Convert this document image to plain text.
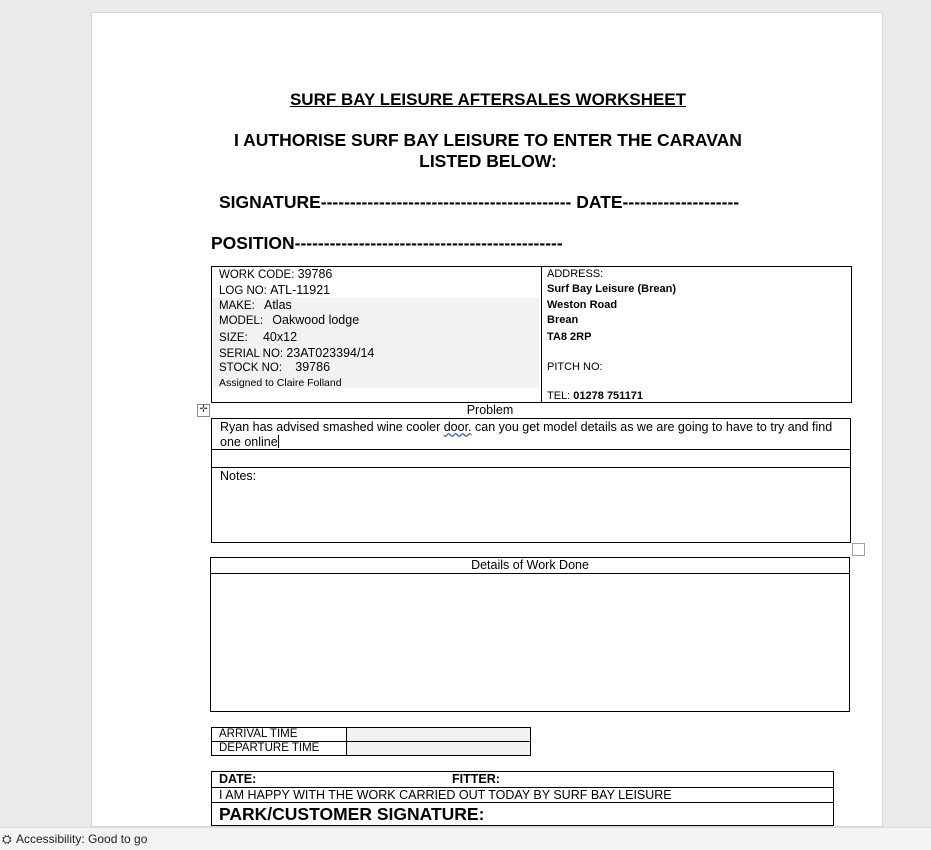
SURF BAY LEISURE AFTERSALES WORKSHEET
I AUTHORISE SURF BAY LEISURE TO ENTER THE CARAVAN
LISTED BELOW:
SIGNATURE------------------------------------------- DATE--------------------
POSITION----------------------------------------------
WORK CODE: 39786
LOG NO: ATL-11921
MAKE: Atlas
MODEL: Oakwood lodge
SIZE: 40x12
SERIAL NO: 23AT023394/14
STOCK NO: 39786
Assigned to Claire Folland
ADDRESS:
Surf Bay Leisure (Brean)
Weston Road
Brean
TA8 2RP
PITCH NO:
TEL: 01278 751171
✛	Problem
Ryan has advised smashed wine cooler door. can you get model details as we are going to have to try and find one online
Notes:
Details of Work Done
ARRIVAL TIME
DEPARTURE TIME
DATE:	FITTER:
I AM HAPPY WITH THE WORK CARRIED OUT TODAY BY SURF BAY LEISURE
PARK/CUSTOMER SIGNATURE:
⛭ Accessibility: Good to go
